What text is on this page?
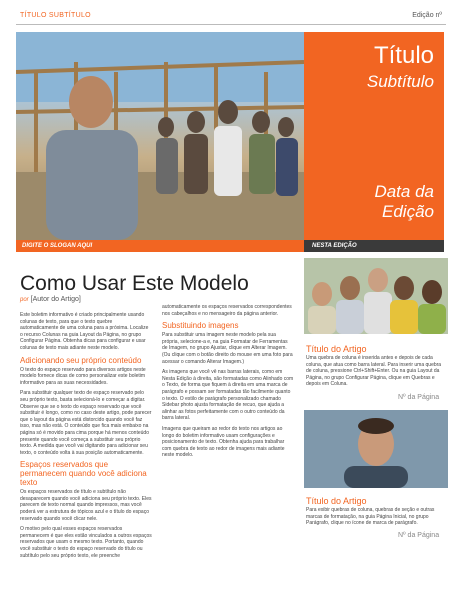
TÍTULO SUBTÍTULO	Edição nº
Título
Subtítulo
Data da Edição
DIGITE O SLOGAN AQUI	NESTA EDIÇÃO
Como Usar Este Modelo
por [Autor do Artigo]

Este boletim informativo é criado principalmente usando colunas de texto, para que o texto quebre automaticamente de uma coluna para a próxima. Localize o recurso Colunas na guia Layout da Página, no grupo Configurar Página. Obtenha dicas para configurar e usar colunas de texto mais adiante neste modelo.

Adicionando seu próprio conteúdo

O texto do espaço reservado para diversos artigos neste modelo fornece dicas de como personalizar este boletim informativo para as suas necessidades.

Para substituir qualquer texto de espaço reservado pelo seu próprio texto, basta selecioná-lo e começar a digitar. Observe que se o texto do espaço reservado que você substituir é longo, como no caso deste artigo, pode parecer que o layout da página está distorcido quando você faz isso, mas não está. O conteúdo que fica mais embaixo na página só é movido para cima porque há menos conteúdo presente quando você começa a substituir seu próprio texto. A medida que você vai digitando para adicionar seu texto, o conteúdo volta à sua posição automaticamente.

Espaços reservados que permanecem quando você adiciona texto

Os espaços reservados de título e subtítulo não desaparecem quando você adiciona seu próprio texto. Eles parecem de texto normal quando impressos, mas você poderá ver a estrutura de tópicos azul e o título do espaço reservado quando você clicar nele.

O motivo pelo qual esses espaços reservados permanecem é que eles estão vinculados a outros espaços reservados que usam o mesmo texto. Portanto, quando você substituir o texto do espaço reservado do título ou subtítulo pelo seu próprio texto, ele preenche

automaticamente os espaços reservados correspondentes nos cabeçalhos e no mensageiro da página anterior.

Substituindo imagens

Para substituir uma imagem neste modelo pela sua própria, selecione-a e, na guia Formatar de Ferramentas de Imagem, no grupo Ajustar, clique em Alterar Imagem. (Ou clique com o botão direito do mouse em uma foto para acessar o comando Alterar Imagem.)

As imagens que você vê nas barras laterais, como em Nesta Edição à direita, são formatadas como Alinhado com o Texto, de forma que fiquem à direita em uma marca de parágrafo e possam ser formatadas tão facilmente quanto o texto. O estilo de parágrafo personalizado chamado Sidebar photo ajusta formatação de recuo, que ajuda a alinhar as fotos perfeitamente com o outro conteúdo da barra lateral.

Imagens que queiram ao redor do texto nos artigos ao longo do boletim informativo usam configurações e posicionamento de texto. Obtenha ajuda para trabalhar com quebra de texto ao redor de imagens mais adiante neste modelo.

Título do Artigo
Uma quebra de coluna é inserida antes e depois de cada coluna, que atua como barra lateral. Para inserir uma quebra de coluna, pressione Ctrl+Shift+Enter. Ou na guia Layout da Página, no grupo Configurar Página, clique em Quebras e depois em Coluna.
Nº da Página
Título do Artigo
Para exibir quebras de coluna, quebras de seção e outras marcas de formatação, na guia Página Inicial, no grupo Parágrafo, clique no ícone de marca de parágrafo.
Nº da Página
